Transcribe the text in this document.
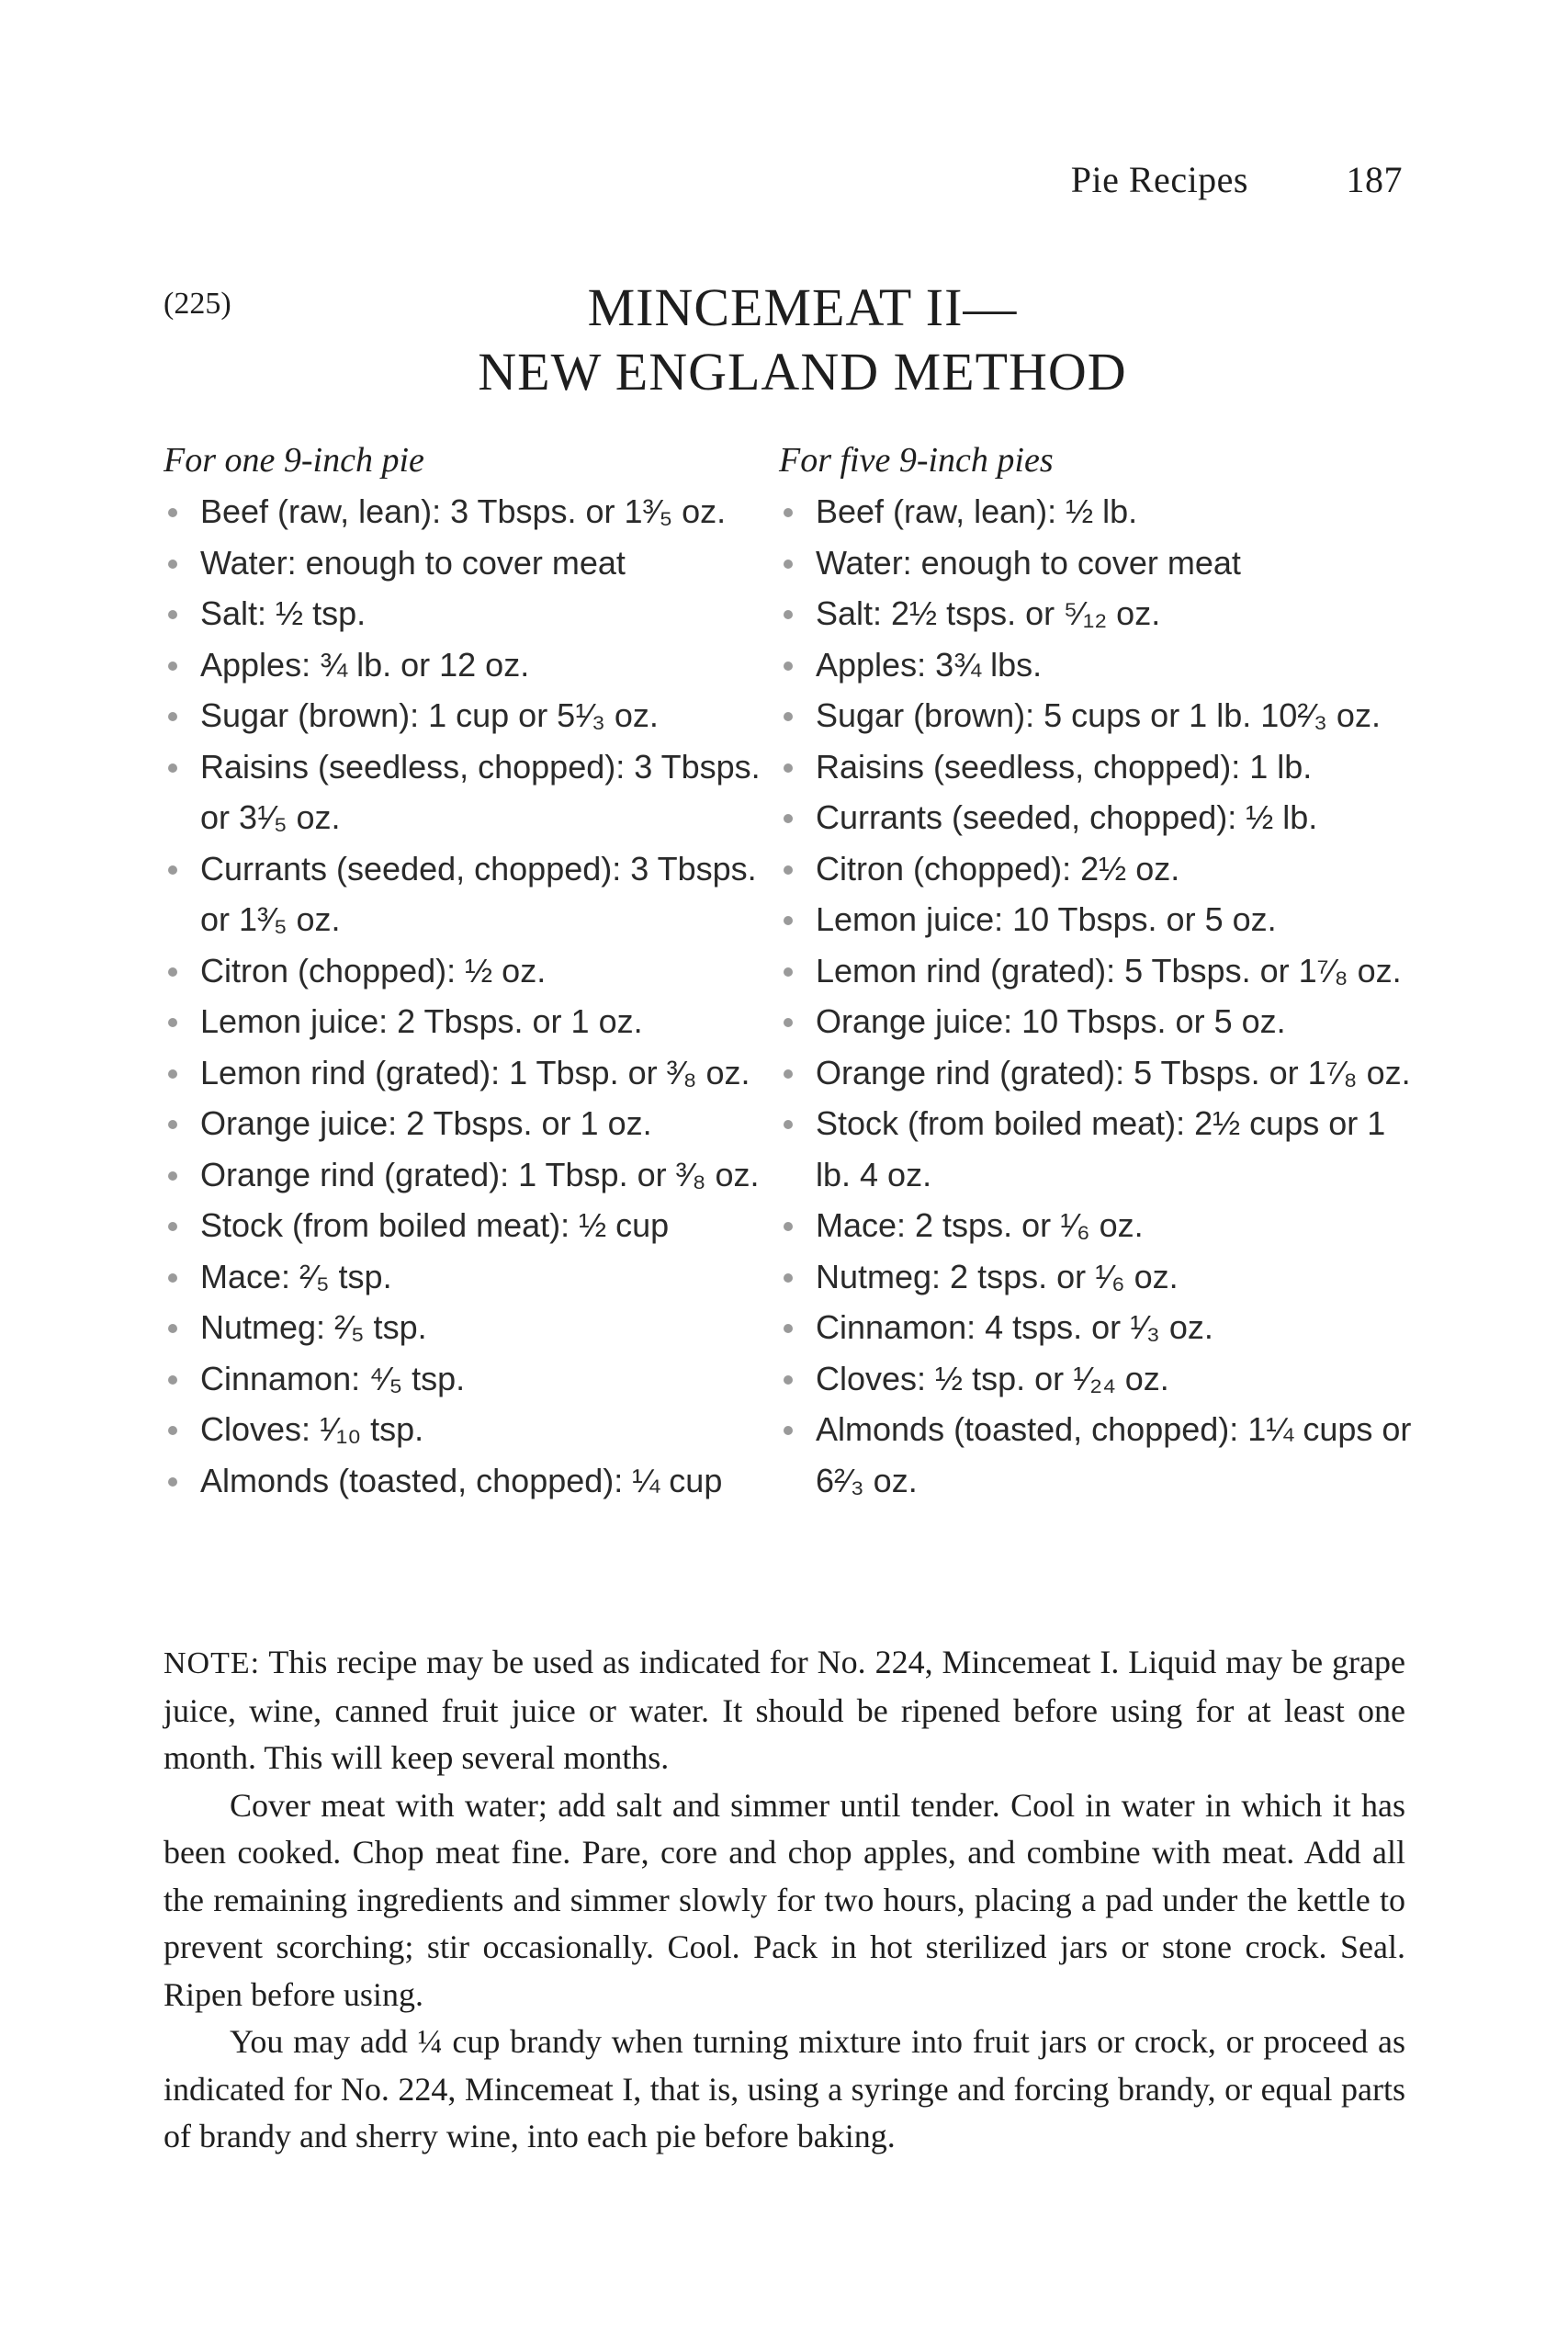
Pie Recipes	187
(225)	MINCEMEAT II—
NEW ENGLAND METHOD
For one 9-inch pie
Beef (raw, lean): 3 Tbsps. or 1³⁄₅ oz.
Water: enough to cover meat
Salt: ½ tsp.
Apples: ¾ lb. or 12 oz.
Sugar (brown): 1 cup or 5¹⁄₃ oz.
Raisins (seedless, chopped): 3 Tbsps. or 3¹⁄₅ oz.
Currants (seeded, chopped): 3 Tbsps. or 1³⁄₅ oz.
Citron (chopped): ½ oz.
Lemon juice: 2 Tbsps. or 1 oz.
Lemon rind (grated): 1 Tbsp. or ³⁄₈ oz.
Orange juice: 2 Tbsps. or 1 oz.
Orange rind (grated): 1 Tbsp. or ³⁄₈ oz.
Stock (from boiled meat): ½ cup
Mace: ²⁄₅ tsp.
Nutmeg: ²⁄₅ tsp.
Cinnamon: ⁴⁄₅ tsp.
Cloves: ¹⁄₁₀ tsp.
Almonds (toasted, chopped): ¼ cup
For five 9-inch pies
Beef (raw, lean): ½ lb.
Water: enough to cover meat
Salt: 2½ tsps. or ⁵⁄₁₂ oz.
Apples: 3¾ lbs.
Sugar (brown): 5 cups or 1 lb. 10²⁄₃ oz.
Raisins (seedless, chopped): 1 lb.
Currants (seeded, chopped): ½ lb.
Citron (chopped): 2½ oz.
Lemon juice: 10 Tbsps. or 5 oz.
Lemon rind (grated): 5 Tbsps. or 1⁷⁄₈ oz.
Orange juice: 10 Tbsps. or 5 oz.
Orange rind (grated): 5 Tbsps. or 1⁷⁄₈ oz.
Stock (from boiled meat): 2½ cups or 1 lb. 4 oz.
Mace: 2 tsps. or ¹⁄₆ oz.
Nutmeg: 2 tsps. or ¹⁄₆ oz.
Cinnamon: 4 tsps. or ¹⁄₃ oz.
Cloves: ½ tsp. or ¹⁄₂₄ oz.
Almonds (toasted, chopped): 1¼ cups or 6²⁄₃ oz.

NOTE: This recipe may be used as indicated for No. 224, Mincemeat I. Liquid may be grape juice, wine, canned fruit juice or water. It should be ripened before using for at least one month. This will keep several months.

Cover meat with water; add salt and simmer until tender. Cool in water in which it has been cooked. Chop meat fine. Pare, core and chop apples, and combine with meat. Add all the remaining ingredients and simmer slowly for two hours, placing a pad under the kettle to prevent scorching; stir occasionally. Cool. Pack in hot sterilized jars or stone crock. Seal. Ripen before using.

You may add ¼ cup brandy when turning mixture into fruit jars or crock, or proceed as indicated for No. 224, Mincemeat I, that is, using a syringe and forcing brandy, or equal parts of brandy and sherry wine, into each pie before baking.
